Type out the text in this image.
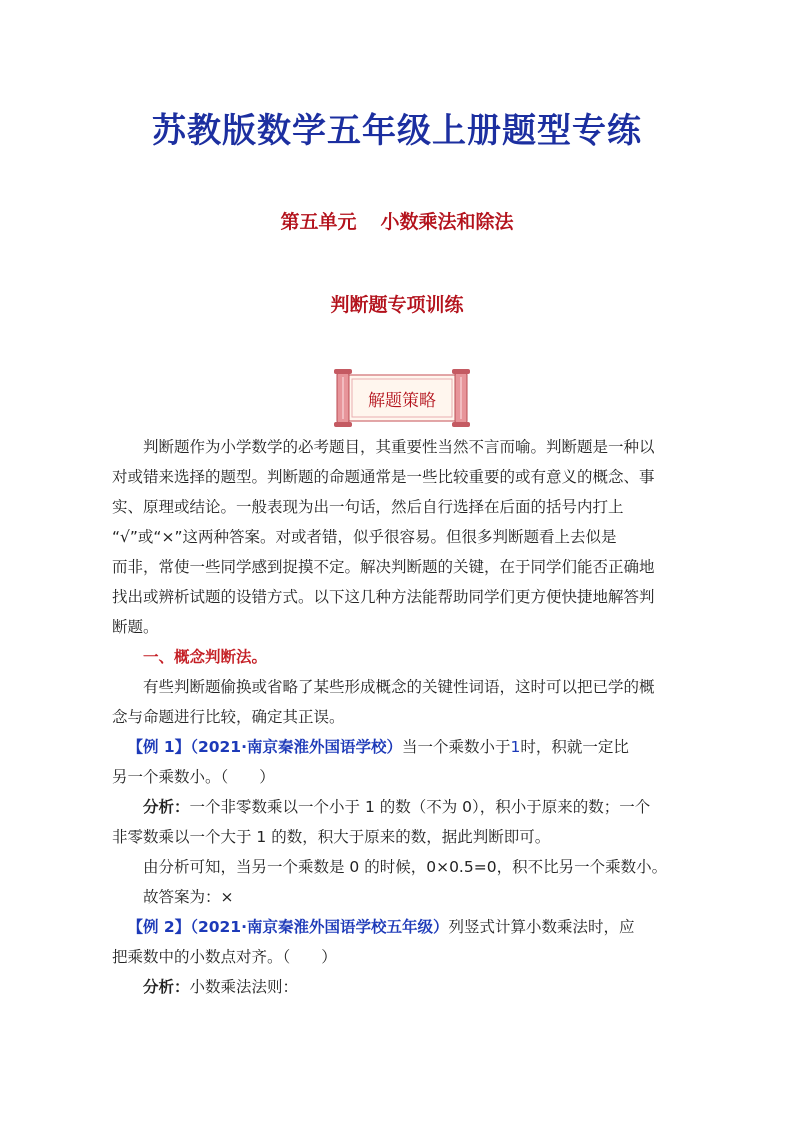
苏教版数学五年级上册题型专练
第五单元 小数乘法和除法
判断题专项训练
解题策略

判断题作为小学数学的必考题目，其重要性当然不言而喻。判断题是一种以

对或错来选择的题型。判断题的命题通常是一些比较重要的或有意义的概念、事

实、原理或结论。一般表现为出一句话，然后自行选择在后面的括号内打上

“√”或“×”这两种答案。对或者错，似乎很容易。但很多判断题看上去似是

而非，常使一些同学感到捉摸不定。解决判断题的关键，在于同学们能否正确地

找出或辨析试题的设错方式。以下这几种方法能帮助同学们更方便快捷地解答判

断题。

一、概念判断法。

有些判断题偷换或省略了某些形成概念的关键性词语，这时可以把已学的概

念与命题进行比较，确定其正误。

【例 1】（2021·南京秦淮外国语学校）当一个乘数小于1时，积就一定比

另一个乘数小。（　　）

分析：一个非零数乘以一个小于 1 的数（不为 0），积小于原来的数；一个

非零数乘以一个大于 1 的数，积大于原来的数，据此判断即可。

由分析可知，当另一个乘数是 0 的时候，0×0.5=0，积不比另一个乘数小。

故答案为：×

【例 2】（2021·南京秦淮外国语学校五年级）列竖式计算小数乘法时，应

把乘数中的小数点对齐。（　　）

分析：小数乘法法则：
